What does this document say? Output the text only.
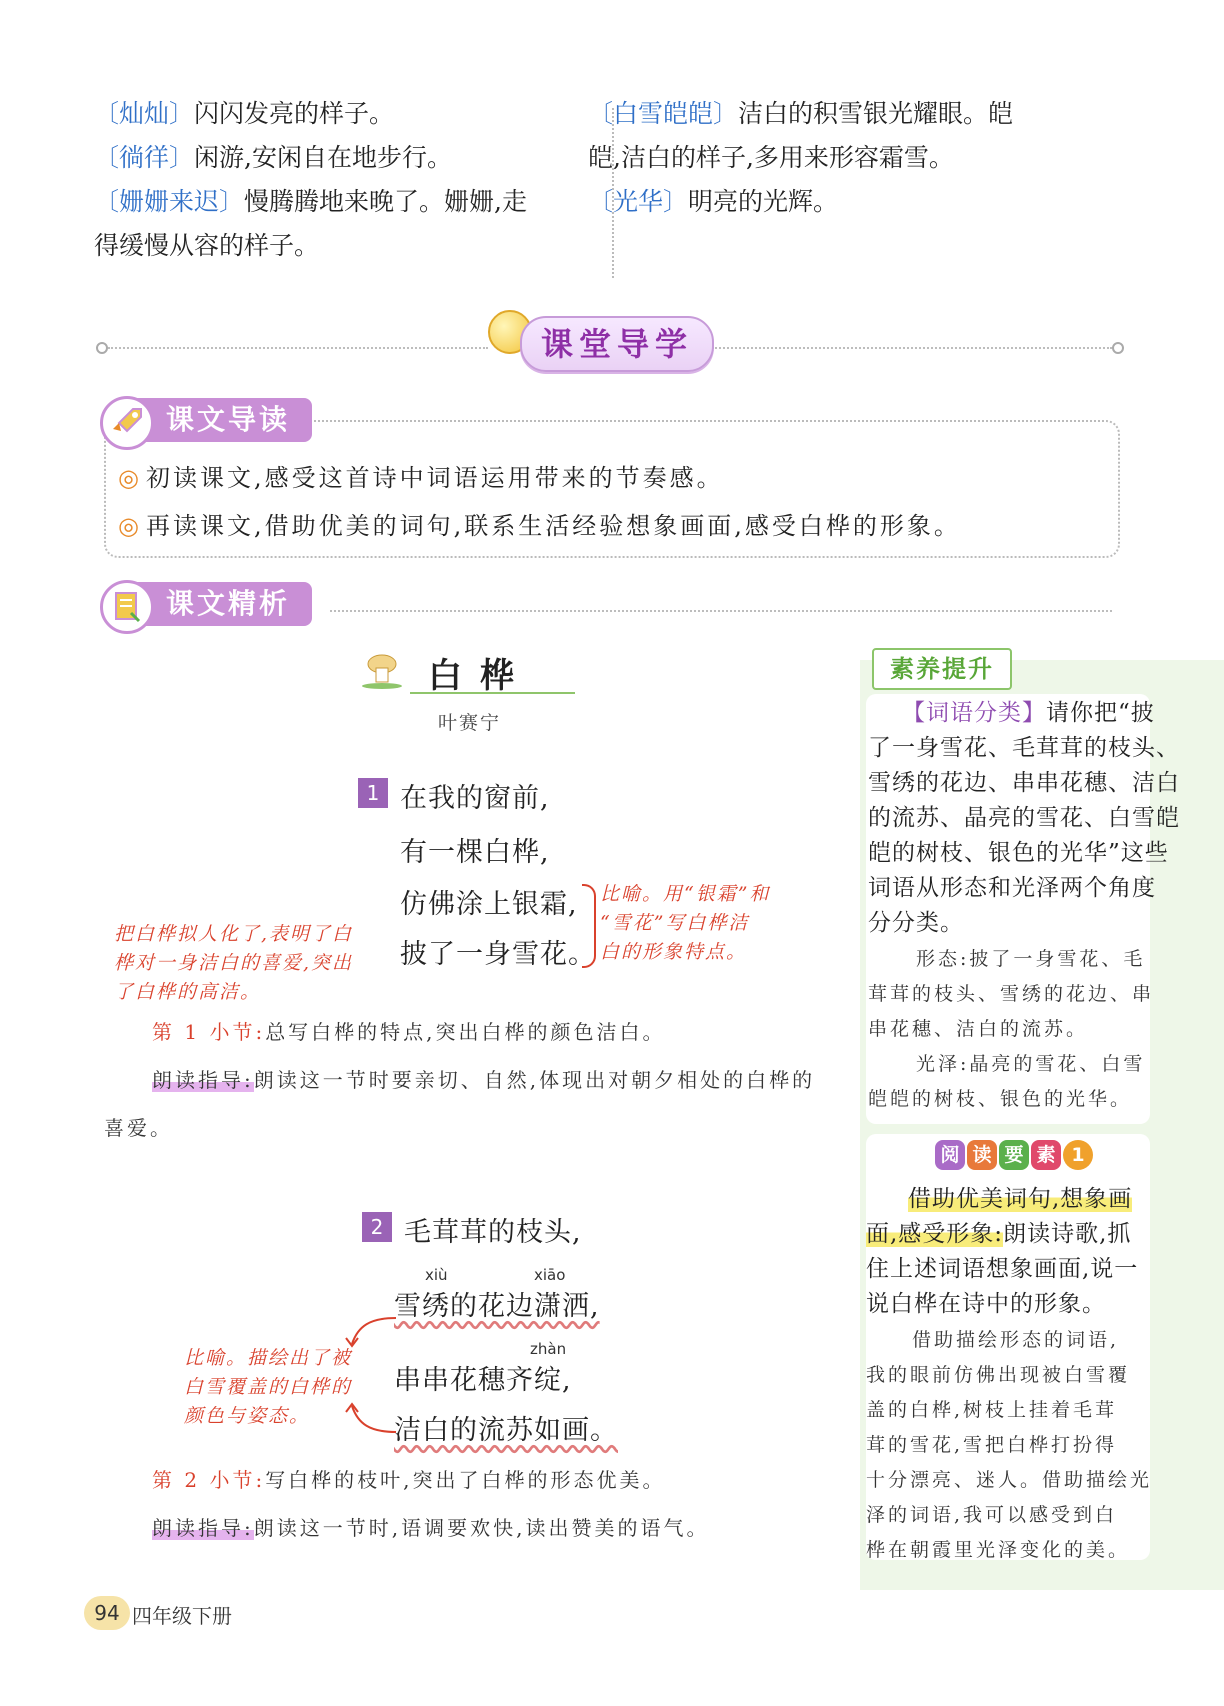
〔灿灿〕闪闪发亮的样子。
〔徜徉〕闲游,安闲自在地步行。
〔姗姗来迟〕慢腾腾地来晚了。姗姗,走
得缓慢从容的样子。
〔白雪皑皑〕洁白的积雪银光耀眼。皑
皑,洁白的样子,多用来形容霜雪。
〔光华〕明亮的光辉。
课堂导学
课文导读
◎ 初读课文,感受这首诗中词语运用带来的节奏感。
◎ 再读课文,借助优美的词句,联系生活经验想象画面,感受白桦的形象。
课文精析
白桦
叶赛宁
1 在我的窗前,
有一棵白桦,
仿佛涂上银霜,
披了一身雪花。
比喻。用“银霜”和
“雪花”写白桦洁
白的形象特点。
把白桦拟人化了,表明了白
桦对一身洁白的喜爱,突出
了白桦的高洁。
第 1 小节:总写白桦的特点,突出白桦的颜色洁白。
朗读指导:朗读这一节时要亲切、自然,体现出对朝夕相处的白桦的
喜爱。
2 毛茸茸的枝头,
xiù	xiāo
雪绣的花边潇洒,
zhàn
串串花穗齐绽,
洁白的流苏如画。
比喻。描绘出了被
白雪覆盖的白桦的
颜色与姿态。
第 2 小节:写白桦的枝叶,突出了白桦的形态优美。
朗读指导:朗读这一节时,语调要欢快,读出赞美的语气。
素养提升
【词语分类】请你把“披
了一身雪花、毛茸茸的枝头、
雪绣的花边、串串花穗、洁白
的流苏、晶亮的雪花、白雪皑
皑的树枝、银色的光华”这些
词语从形态和光泽两个角度
分分类。
形态:披了一身雪花、毛
茸茸的枝头、雪绣的花边、串
串花穗、洁白的流苏。
光泽:晶亮的雪花、白雪
皑皑的树枝、银色的光华。
阅 读 要 素 1
借助优美词句,想象画
面,感受形象:朗读诗歌,抓
住上述词语想象画面,说一
说白桦在诗中的形象。
借助描绘形态的词语,
我的眼前仿佛出现被白雪覆
盖的白桦,树枝上挂着毛茸
茸的雪花,雪把白桦打扮得
十分漂亮、迷人。借助描绘光
泽的词语,我可以感受到白
桦在朝霞里光泽变化的美。
94 四年级下册
